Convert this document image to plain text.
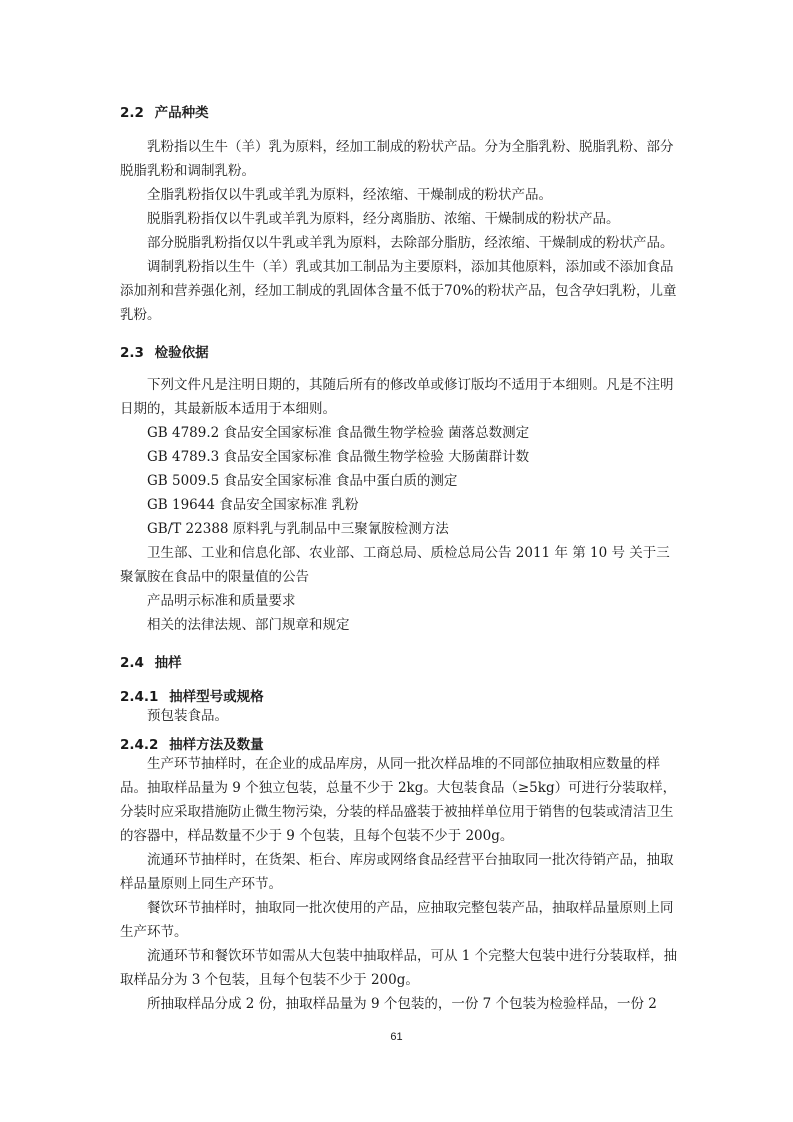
2.2 产品种类

乳粉指以生牛（羊）乳为原料，经加工制成的粉状产品。分为全脂乳粉、脱脂乳粉、部分脱脂乳粉和调制乳粉。

全脂乳粉指仅以牛乳或羊乳为原料，经浓缩、干燥制成的粉状产品。

脱脂乳粉指仅以牛乳或羊乳为原料，经分离脂肪、浓缩、干燥制成的粉状产品。

部分脱脂乳粉指仅以牛乳或羊乳为原料，去除部分脂肪，经浓缩、干燥制成的粉状产品。

调制乳粉指以生牛（羊）乳或其加工制品为主要原料，添加其他原料，添加或不添加食品添加剂和营养强化剂，经加工制成的乳固体含量不低于70%的粉状产品，包含孕妇乳粉，儿童乳粉。

2.3 检验依据

下列文件凡是注明日期的，其随后所有的修改单或修订版均不适用于本细则。凡是不注明日期的，其最新版本适用于本细则。

GB 4789.2 食品安全国家标准 食品微生物学检验 菌落总数测定

GB 4789.3 食品安全国家标准 食品微生物学检验 大肠菌群计数

GB 5009.5 食品安全国家标准 食品中蛋白质的测定

GB 19644 食品安全国家标准 乳粉

GB/T 22388 原料乳与乳制品中三聚氰胺检测方法

卫生部、工业和信息化部、农业部、工商总局、质检总局公告 2011 年 第 10 号 关于三聚氰胺在食品中的限量值的公告

产品明示标准和质量要求

相关的法律法规、部门规章和规定

2.4 抽样
2.4.1 抽样型号或规格

预包装食品。

2.4.2 抽样方法及数量

生产环节抽样时，在企业的成品库房，从同一批次样品堆的不同部位抽取相应数量的样品。抽取样品量为 9 个独立包装，总量不少于 2kg。大包装食品（≥5kg）可进行分装取样，分装时应采取措施防止微生物污染，分装的样品盛装于被抽样单位用于销售的包装或清洁卫生的容器中，样品数量不少于 9 个包装，且每个包装不少于 200g。

流通环节抽样时，在货架、柜台、库房或网络食品经营平台抽取同一批次待销产品，抽取样品量原则上同生产环节。

餐饮环节抽样时，抽取同一批次使用的产品，应抽取完整包装产品，抽取样品量原则上同生产环节。

流通环节和餐饮环节如需从大包装中抽取样品，可从 1 个完整大包装中进行分装取样，抽取样品分为 3 个包装，且每个包装不少于 200g。

所抽取样品分成 2 份，抽取样品量为 9 个包装的，一份 7 个包装为检验样品，一份 2

61
